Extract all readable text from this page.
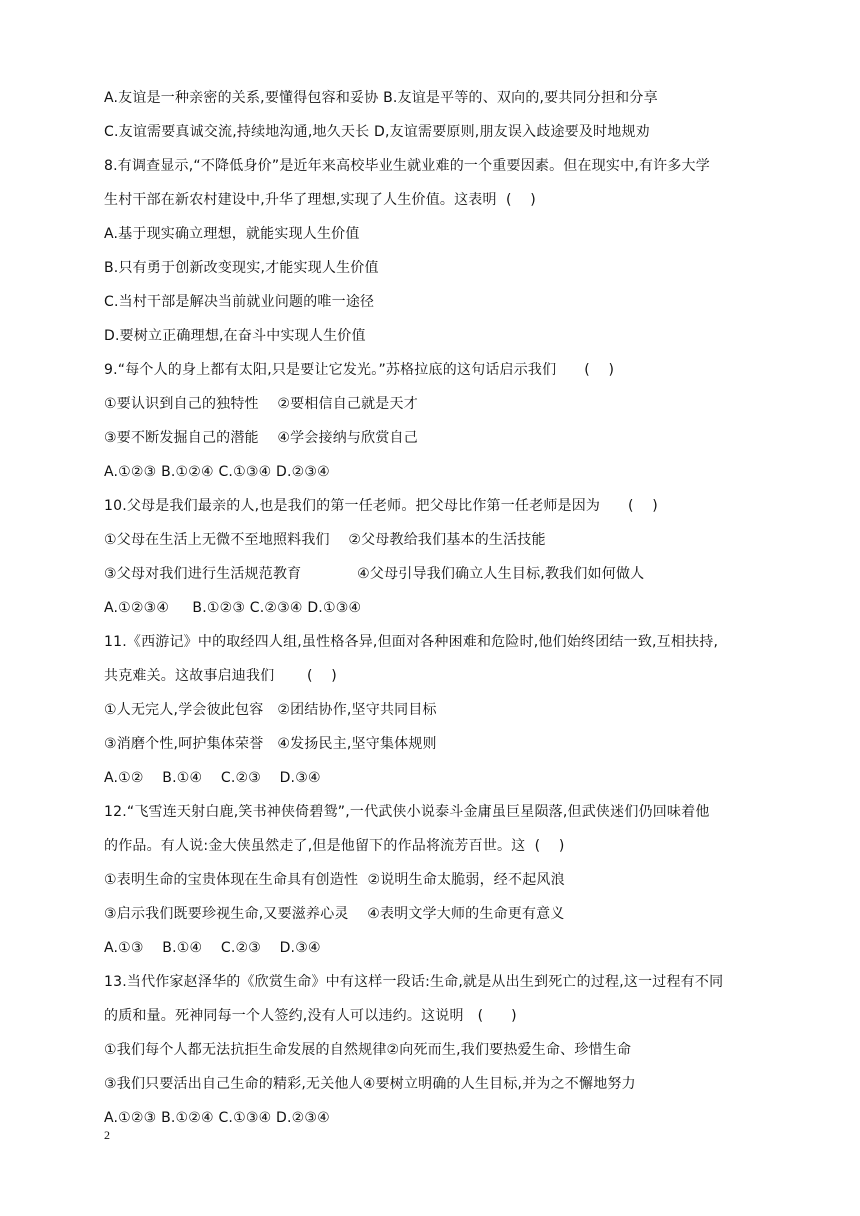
A.友谊是一种亲密的关系,要懂得包容和妥协 B.友谊是平等的、双向的,要共同分担和分享
C.友谊需要真诚交流,持续地沟通,地久天长 D,友谊需要原则,朋友误入歧途要及时地规劝
8.有调查显示,“不降低身价”是近年来高校毕业生就业难的一个重要因素。但在现实中,有许多大学
生村干部在新农村建设中,升华了理想,实现了人生价值。这表明  (    )
A.基于现实确立理想，就能实现人生价值
B.只有勇于创新改变现实,才能实现人生价值
C.当村干部是解决当前就业问题的唯一途径
D.要树立正确理想,在奋斗中实现人生价值
9.“每个人的身上都有太阳,只是要让它发光。”苏格拉底的这句话启示我们      (    )
①要认识到自己的独特性    ②要相信自己就是天才
③要不断发掘自己的潜能    ④学会接纳与欣赏自己
A.①②③ B.①②④ C.①③④ D.②③④
10.父母是我们最亲的人,也是我们的第一任老师。把父母比作第一任老师是因为      (    )
①父母在生活上无微不至地照料我们    ②父母教给我们基本的生活技能
③父母对我们进行生活规范教育            ④父母引导我们确立人生目标,教我们如何做人
A.①②③④     B.①②③ C.②③④ D.①③④
11.《西游记》中的取经四人组,虽性格各异,但面对各种困难和危险时,他们始终团结一致,互相扶持,
共克难关。这故事启迪我们       (    )
①人无完人,学会彼此包容   ②团结协作,坚守共同目标
③消磨个性,呵护集体荣誉   ④发扬民主,坚守集体规则
A.①②    B.①④    C.②③    D.③④
12.“飞雪连天射白鹿,笑书神侠倚碧鸳”,一代武侠小说泰斗金庸虽巨星陨落,但武侠迷们仍回味着他
的作品。有人说:金大侠虽然走了,但是他留下的作品将流芳百世。这  (    )
①表明生命的宝贵体现在生命具有创造性  ②说明生命太脆弱，经不起风浪
③启示我们既要珍视生命,又要滋养心灵    ④表明文学大师的生命更有意义
A.①③    B.①④    C.②③    D.③④
13.当代作家赵泽华的《欣赏生命》中有这样一段话:生命,就是从出生到死亡的过程,这一过程有不同
的质和量。死神同每一个人签约,没有人可以违约。这说明   (      )
①我们每个人都无法抗拒生命发展的自然规律②向死而生,我们要热爱生命、珍惜生命
③我们只要活出自己生命的精彩,无关他人④要树立明确的人生目标,并为之不懈地努力
A.①②③ B.①②④ C.①③④ D.②③④
2
